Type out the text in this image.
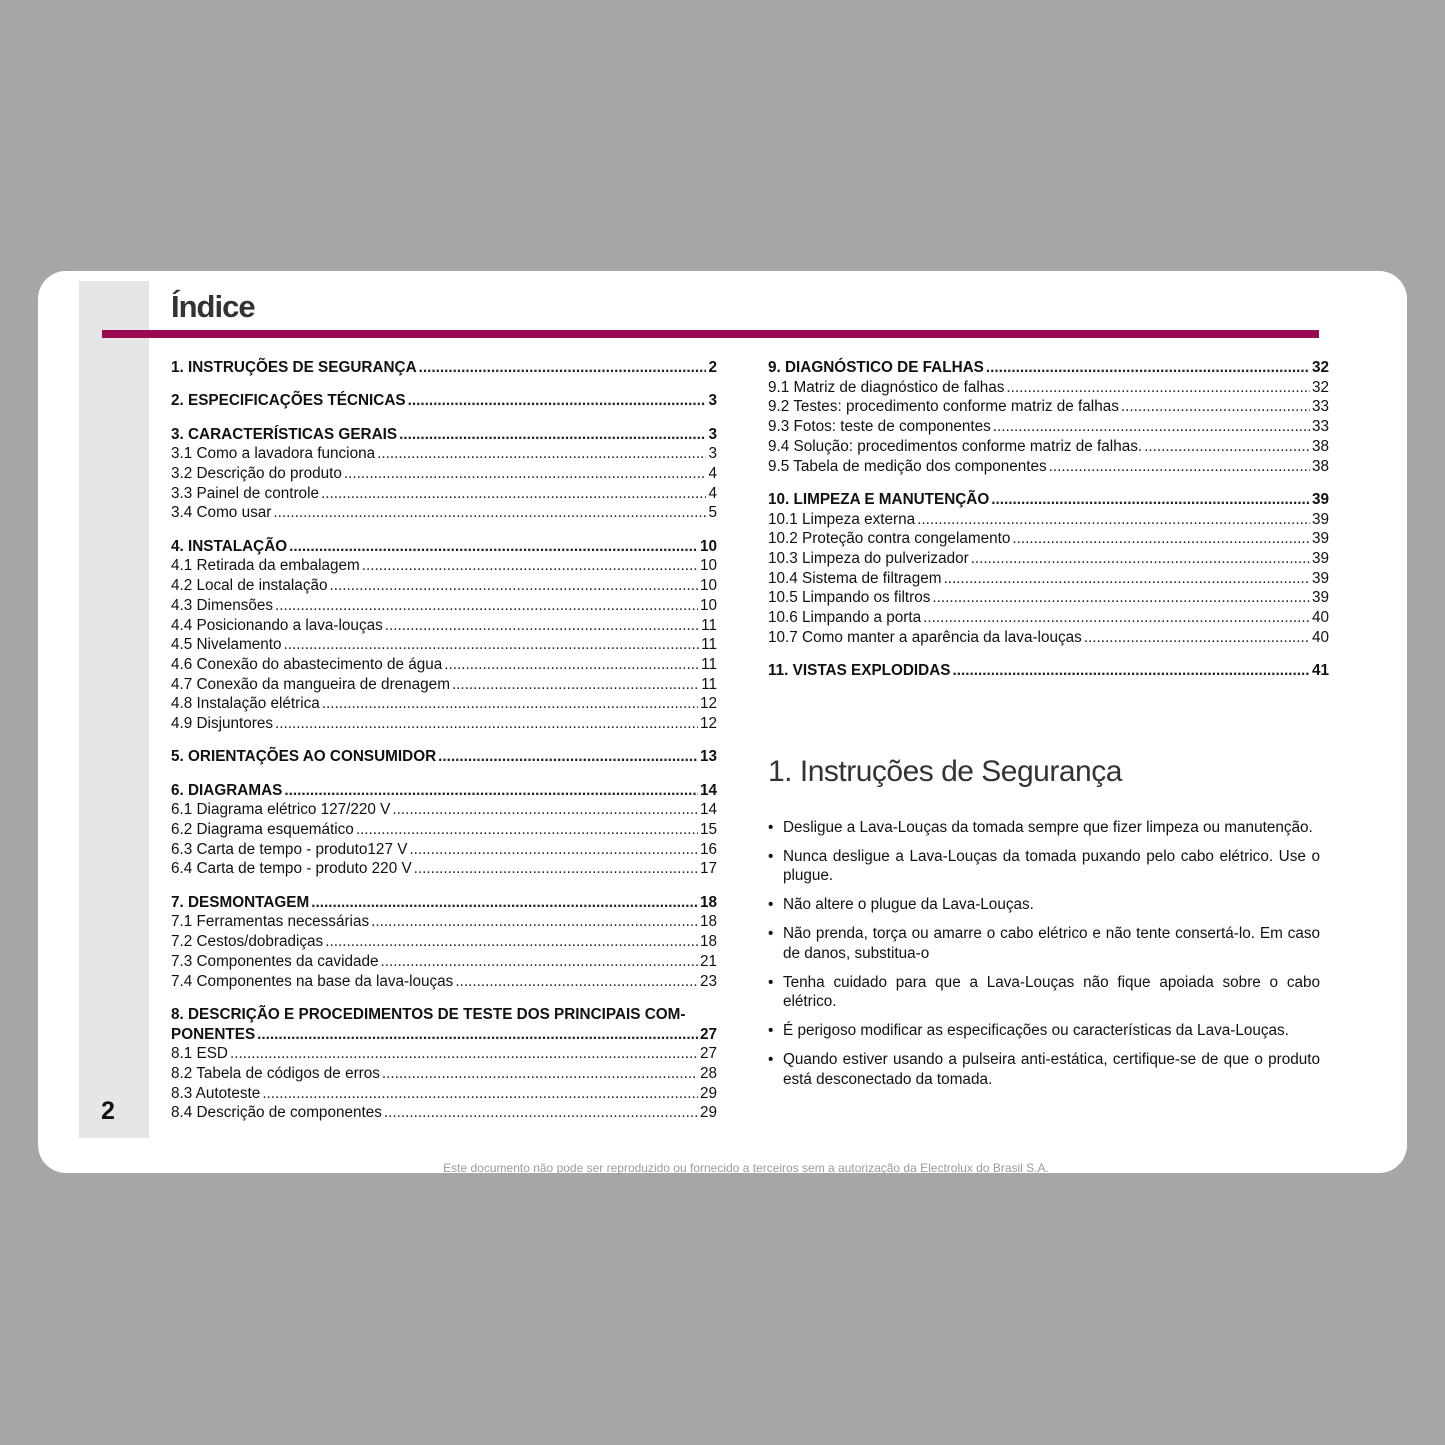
2
Índice
1. INSTRUÇÕES DE SEGURANÇA .....	2
2. ESPECIFICAÇÕES TÉCNICAS .....	3
3. CARACTERÍSTICAS GERAIS .....	3
3.1 Como a lavadora funciona .....	3
3.2 Descrição do produto .....	4
3.3 Painel de controle .....	4
3.4 Como usar .....	5
4. INSTALAÇÃO .....	10
4.1 Retirada da embalagem .....	10
4.2 Local de instalação .....	10
4.3 Dimensões .....	10
4.4 Posicionando a lava-louças .....	11
4.5 Nivelamento .....	11
4.6 Conexão do abastecimento de água .....	11
4.7 Conexão da mangueira de drenagem .....	11
4.8 Instalação elétrica .....	12
4.9 Disjuntores .....	12
5. ORIENTAÇÕES AO CONSUMIDOR .....	13
6. DIAGRAMAS .....	14
6.1 Diagrama elétrico 127/220 V .....	14
6.2 Diagrama esquemático .....	15
6.3 Carta de tempo - produto127 V .....	16
6.4 Carta de tempo - produto 220 V .....	17
7. DESMONTAGEM .....	18
7.1 Ferramentas necessárias .....	18
7.2 Cestos/dobradiças .....	18
7.3 Componentes da cavidade .....	21
7.4 Componentes na base da lava-louças .....	23
8. DESCRIÇÃO E PROCEDIMENTOS DE TESTE DOS PRINCIPAIS COM-
PONENTES .....	27
8.1 ESD .....	27
8.2 Tabela de códigos de erros .....	28
8.3 Autoteste .....	29
8.4 Descrição de componentes .....	29
9. DIAGNÓSTICO DE FALHAS .....	32
9.1 Matriz de diagnóstico de falhas .....	32
9.2 Testes: procedimento conforme matriz de falhas .....	33
9.3 Fotos: teste de componentes .....	33
9.4 Solução: procedimentos conforme matriz de falhas. .....	38
9.5 Tabela de medição dos componentes .....	38
10. LIMPEZA E MANUTENÇÃO .....	39
10.1 Limpeza externa .....	39
10.2 Proteção contra congelamento .....	39
10.3 Limpeza do pulverizador .....	39
10.4 Sistema de filtragem .....	39
10.5 Limpando os filtros .....	39
10.6 Limpando a porta .....	40
10.7 Como manter a aparência da lava-louças .....	40
11. VISTAS EXPLODIDAS .....	41
1. Instruções de Segurança
• Desligue a Lava-Louças da tomada sempre que fizer limpeza ou manutenção.
• Nunca desligue a Lava-Louças da tomada puxando pelo cabo elétrico. Use o plugue.
• Não altere o plugue da Lava-Louças.
• Não prenda, torça ou amarre o cabo elétrico e não tente consertá-lo. Em caso de danos, substitua-o
• Tenha cuidado para que a Lava-Louças não fique apoiada sobre o cabo elétrico.
• É perigoso modificar as especificações ou características da Lava-Louças.
• Quando estiver usando a pulseira anti-estática, certifique-se de que o produto está desconectado da tomada.
Este documento não pode ser reproduzido ou fornecido a terceiros sem a autorização da Electrolux do Brasil S.A.
